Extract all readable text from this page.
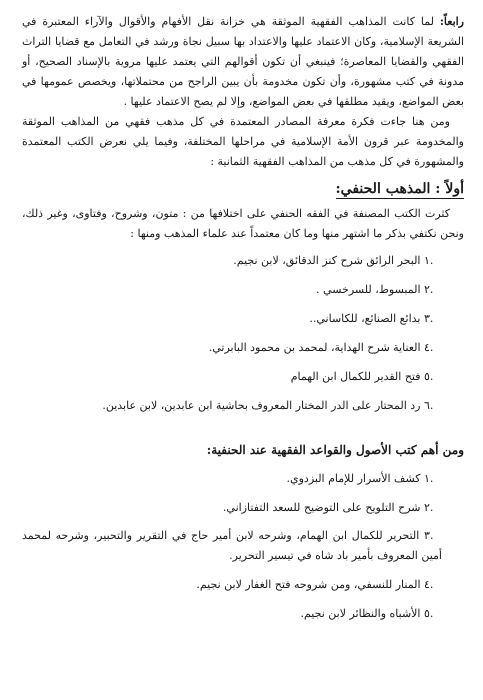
رابعاً: لما كانت المذاهب الفقهية الموثقة هي خزانة نقل الأفهام والأقوال والآراء المعتبرة في الشريعة الإسلامية، وكان الاعتماد عليها والاعتداد بها سبيل نجاة ورشد في التعامل مع قضايا التراث الفقهي والقضايا المعاصرة؛ فينبغي أن تكون أقوالهم التي يعتمد عليها مروية بالإسناد الصحيح، أو مدونة في كتب مشهورة، وأن تكون مخدومة بأن يبين الراجح من محتملاتها، ويخصص عمومها في بعض المواضع، ويقيد مطلقها في بعض المواضع، وإلا لم يصح الاعتماد عليها .

ومن هنا جاءت فكرة معرفة المصادر المعتمدة في كل مذهب فقهي من المذاهب الموثقة والمخدومة عبر قرون الأمة الإسلامية في مراحلها المختلفة، وفيما يلي نعرض الكتب المعتمدة والمشهورة في كل مذهب من المذاهب الفقهية الثمانية :

أولاً : المذهب الحنفي:

كثرت الكتب المصنفة في الفقه الحنفي على اختلافها من : متون، وشروح، وفتاوى، وغير ذلك، ونحن نكتفي بذكر ما اشتهر منها وما كان معتمداً عند علماء المذهب ومنها :

١. البحر الرائق شرح كنز الدقائق، لابن نجيم.
٢. المبسوط، للسرخسي .
٣. بدائع الصنائع، للكاساني..
٤. العناية شرح الهداية، لمحمد بن محمود البابرتي.
٥. فتح القدير للكمال ابن الهمام
٦. رد المحتار على الدر المختار المعروف بحاشية ابن عابدين، لابن عابدين.
ومن أهم كتب الأصول والقواعد الفقهية عند الحنفية:
١. كشف الأسرار للإمام البزدوي.
٢. شرح التلويح على التوضيح للسعد التفتازاني.
٣. التحرير للكمال ابن الهمام، وشرحه لابن أمير حاج في التقرير والتحبير، وشرحه لمحمد أمين المعروف بأمير باد شاه في تيسير التحرير.
٤. المنار للنسفي، ومن شروحه فتح الغفار لابن نجيم.
٥. الأشباه والنظائر لابن نجيم.
